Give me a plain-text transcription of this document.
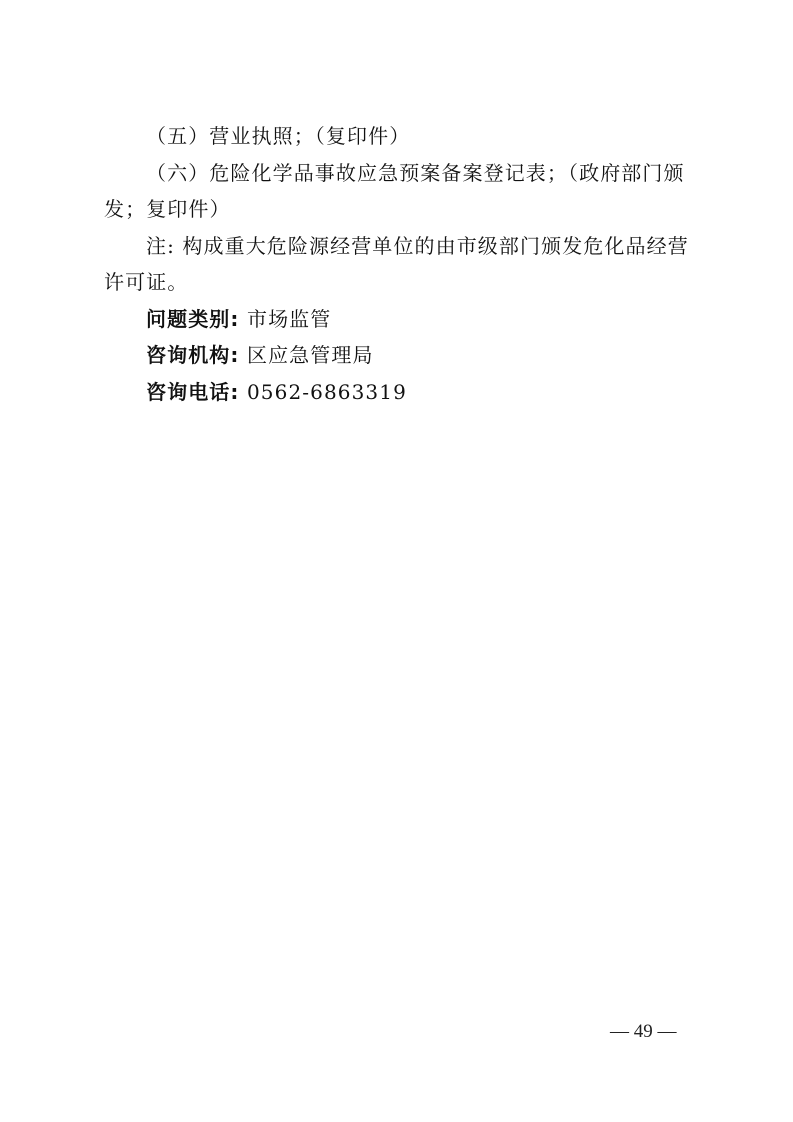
（五）营业执照；（复印件）

（六）危险化学品事故应急预案备案登记表；（政府部门颁发；复印件）

注: 构成重大危险源经营单位的由市级部门颁发危化品经营许可证。

问题类别: 市场监管
咨询机构: 区应急管理局
咨询电话: 0562-6863319
— 49 —
